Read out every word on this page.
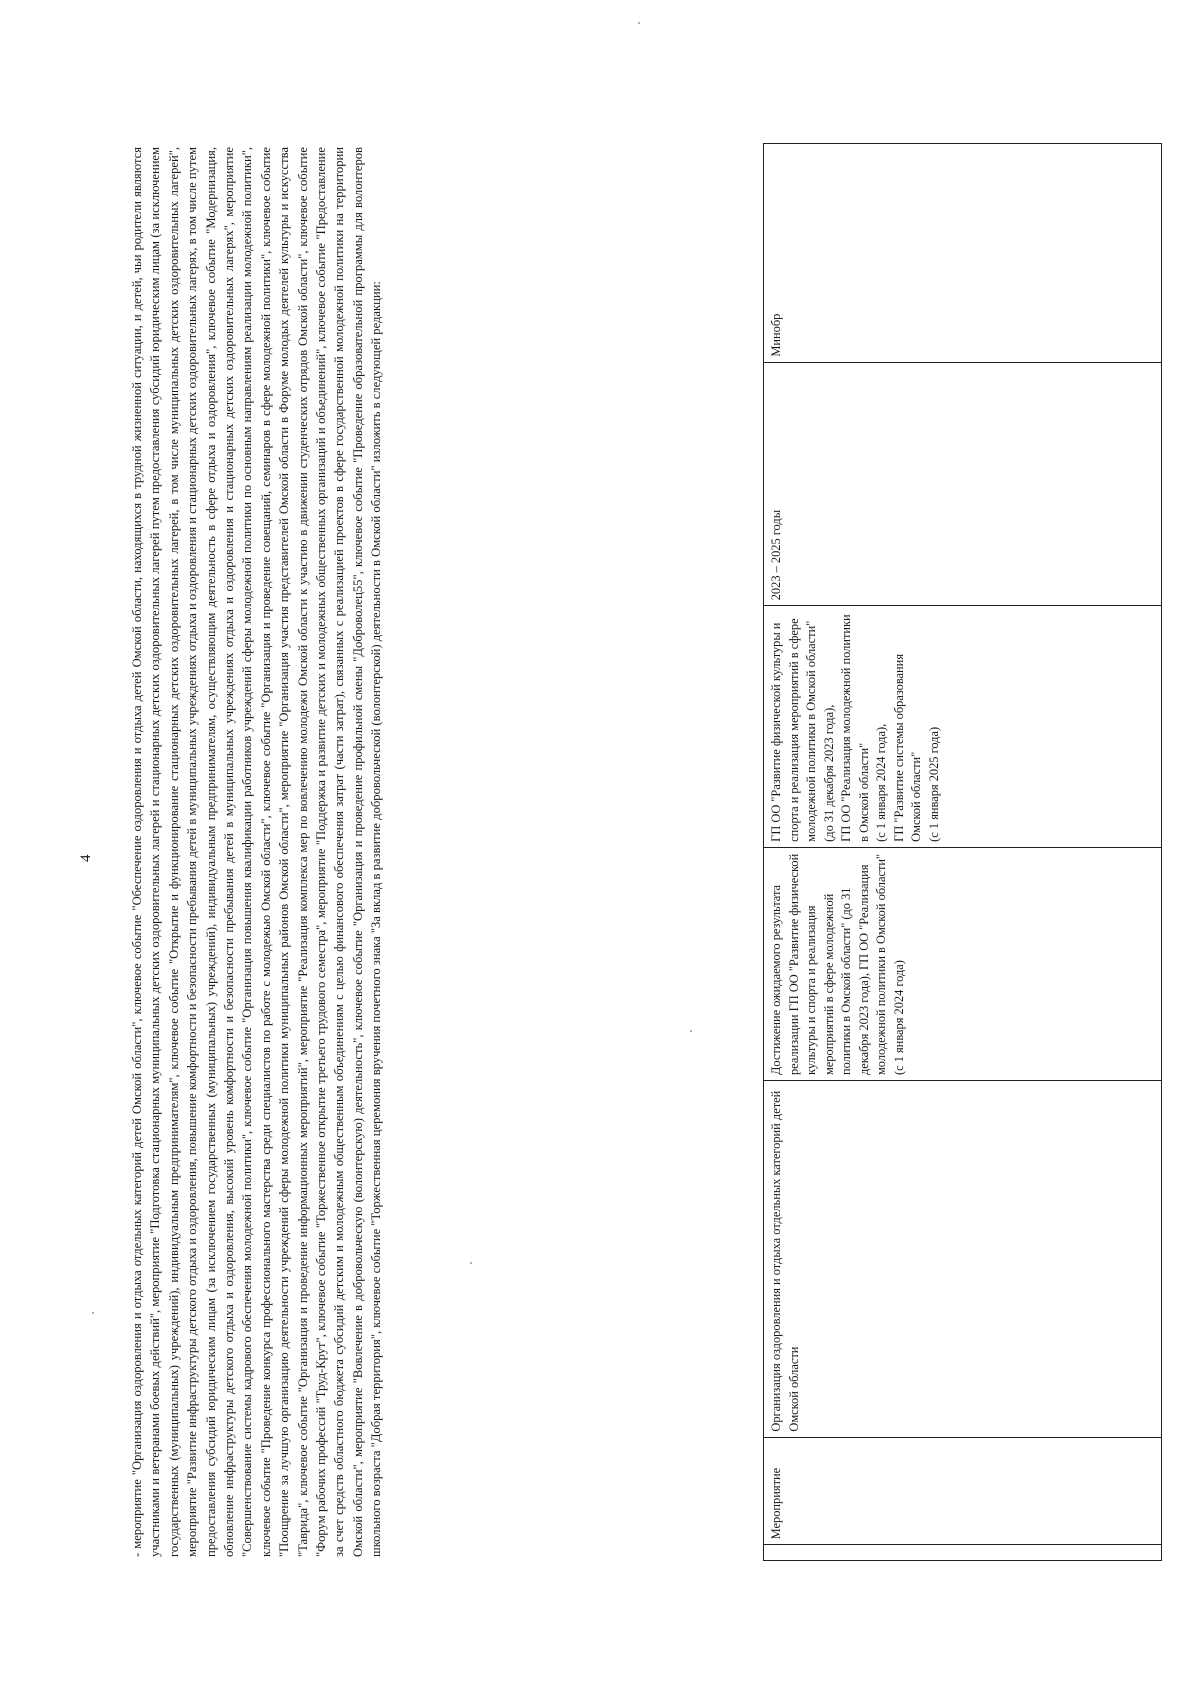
4	- мероприятие "Организация оздоровления и отдыха отдельных категорий детей Омской области", ключевое событие "Обеспечение оздоровления и отдыха детей Омской области, находящихся в трудной жизненной ситуации, и детей, чьи родители являются участниками и ветеранами боевых действий", мероприятие "Подготовка стационарных муниципальных детских оздоровительных лагерей и стационарных детских оздоровительных лагерей путем предоставления субсидий юридическим лицам (за исключением государственных (муниципальных) учреждений), индивидуальным предпринимателям", ключевое событие "Открытие и функционирование стационарных детских оздоровительных лагерей, в том числе муниципальных детских оздоровительных лагерей", мероприятие "Развитие инфраструктуры детского отдыха и оздоровления, повышение комфортности и безопасности пребывания детей в муниципальных учреждениях отдыха и оздоровления и стационарных детских оздоровительных лагерях, в том числе путем предоставления субсидий юридическим лицам (за исключением государственных (муниципальных) учреждений), индивидуальным предпринимателям, осуществляющим деятельность в сфере отдыха и оздоровления", ключевое событие "Модернизация, обновление инфраструктуры детского отдыха и оздоровления, высокий уровень комфортности и безопасности пребывания детей в муниципальных учреждениях отдыха и оздоровления и стационарных детских оздоровительных лагерях", мероприятие "Совершенствование системы кадрового обеспечения молодежной политики", ключевое событие "Организация повышения квалификации работников учреждений сферы молодежной политики по основным направлениям реализации молодежной политики", ключевое событие "Проведение конкурса профессионального мастерства среди специалистов по работе с молодежью Омской области", ключевое событие "Организация и проведение совещаний, семинаров в сфере молодежной политики", ключевое событие "Поощрение за лучшую организацию деятельности учреждений сферы молодежной политики муниципальных районов Омской области", мероприятие "Организация участия представителей Омской области в Форуме молодых деятелей культуры и искусства "Таврида", ключевое событие "Организация и проведение информационных мероприятий", мероприятие "Реализация комплекса мер по вовлечению молодежи Омской области к участию в движении студенческих отрядов Омской области", ключевое событие "Форум рабочих профессий "Труд-Крут", ключевое событие "Торжественное открытие третьего трудового семестра", мероприятие "Поддержка и развитие детских и молодежных общественных организаций и объединений", ключевое событие "Предоставление за счет средств областного бюджета субсидий детским и молодежным общественным объединениям с целью финансового обеспечения затрат (части затрат), связанных с реализацией проектов в сфере государственной молодежной политики на территории Омской области", мероприятие "Вовлечение в добровольческую (волонтерскую) деятельность", ключевое событие "Организация и проведение профильной смены "Доброволец55", ключевое событие "Проведение образовательной программы для волонтеров школьного возраста "Добрая территория", ключевое событие "Торжественная церемония вручения почетного знака "За вклад в развитие добровольческой (волонтерской) деятельности в Омской области" изложить в следующей редакции:
		Мероприятие	Организация оздоровления и отдыха отдельных категорий детей Омской области	Достижение ожидаемого результата реализации ГП ОО "Развитие физической культуры и спорта и реализация мероприятий в сфере молодежной политики в Омской области" (до 31 декабря 2023 года), ГП ОО "Реализация молодежной политики в Омской области" (с 1 января 2024 года)	ГП ОО "Развитие физической культуры и спорта и реализация мероприятий в сфере молодежной политики в Омской области"
(до 31 декабря 2023 года),
ГП ОО "Реализация молодежной политики в Омской области"
(с 1 января 2024 года),
ГП "Развитие системы образования Омской области"
(с 1 января 2025 года)	2023 – 2025 годы	Минобр
